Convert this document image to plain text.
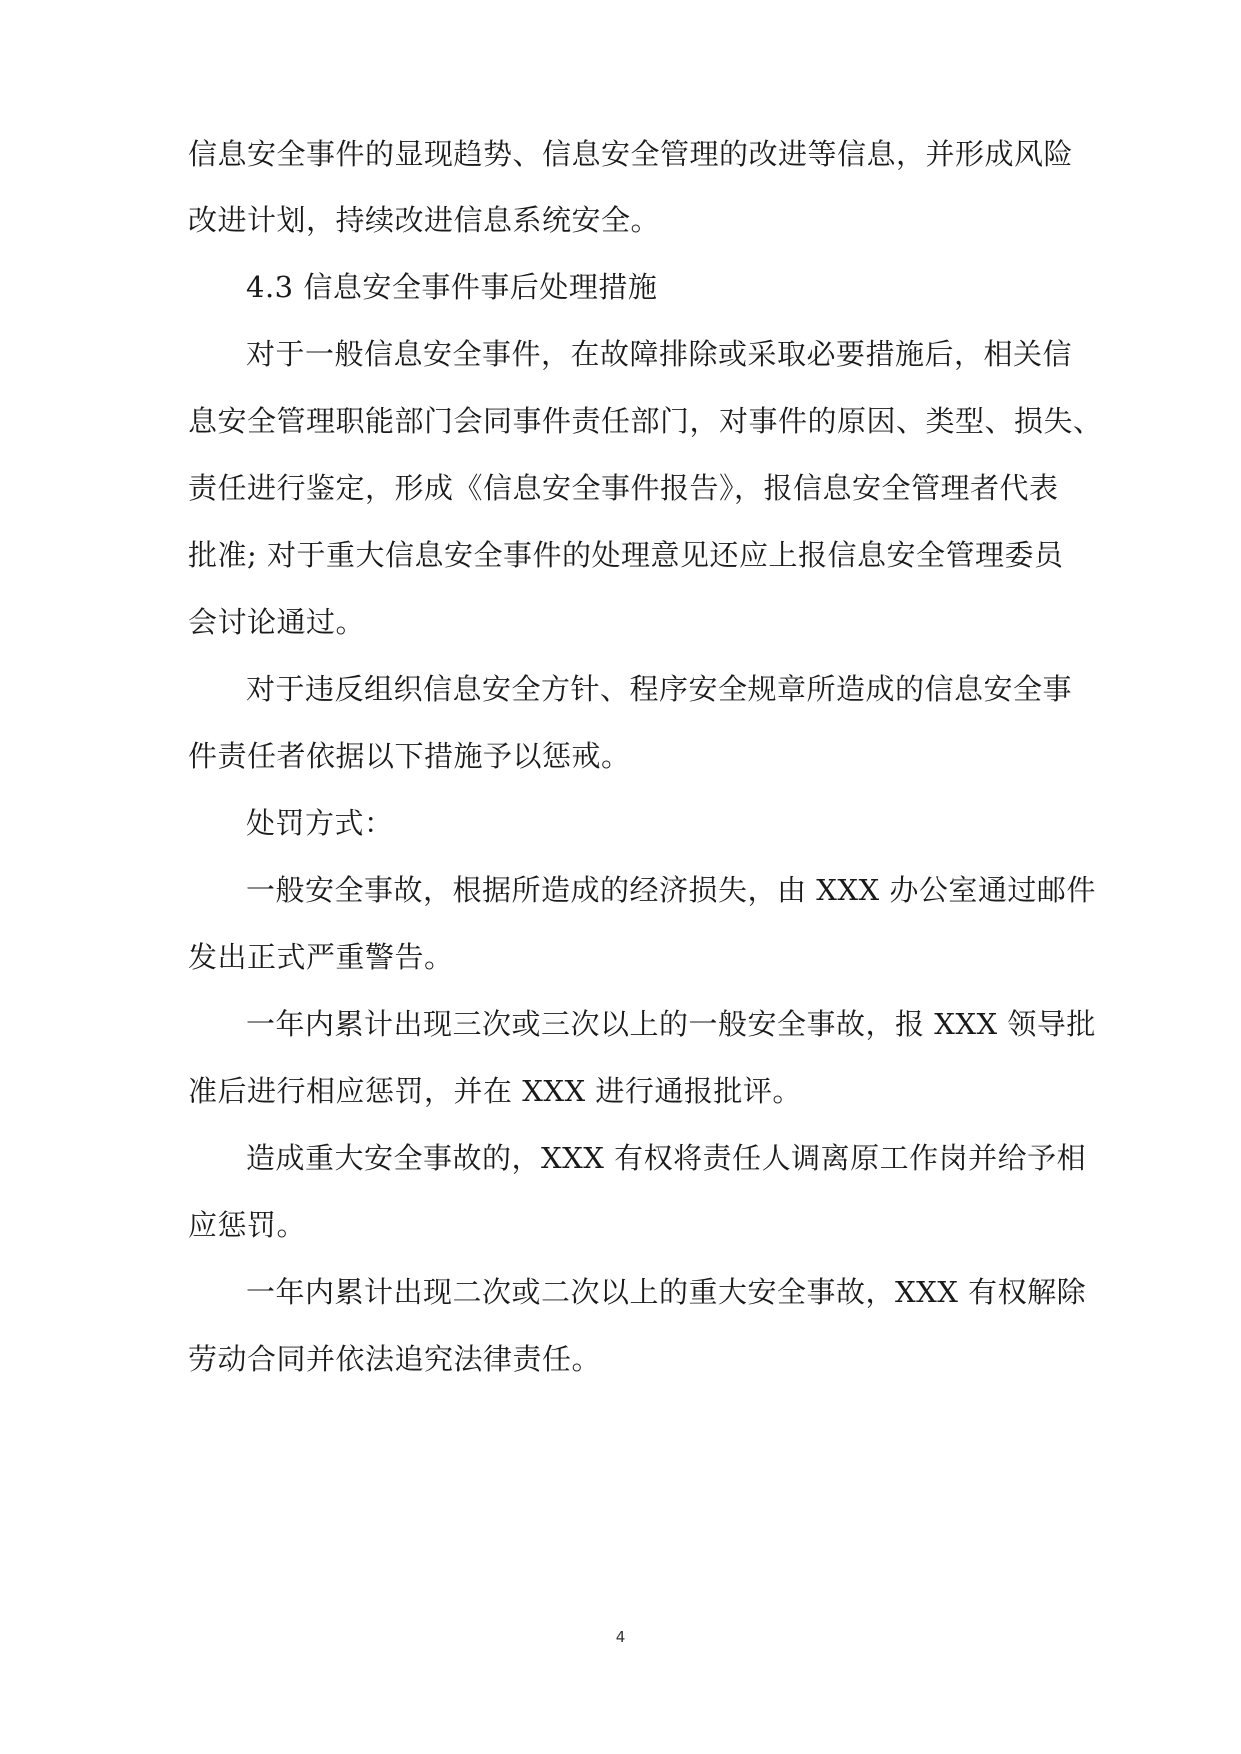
信息安全事件的显现趋势、信息安全管理的改进等信息，并形成风险
改进计划，持续改进信息系统安全。
4.3 信息安全事件事后处理措施
对于一般信息安全事件，在故障排除或采取必要措施后，相关信
息安全管理职能部门会同事件责任部门，对事件的原因、类型、损失、
责任进行鉴定，形成《信息安全事件报告》，报信息安全管理者代表
批准; 对于重大信息安全事件的处理意见还应上报信息安全管理委员
会讨论通过。
对于违反组织信息安全方针、程序安全规章所造成的信息安全事
件责任者依据以下措施予以惩戒。
处罚方式：
一般安全事故，根据所造成的经济损失，由 XXX 办公室通过邮件
发出正式严重警告。
一年内累计出现三次或三次以上的一般安全事故，报 XXX 领导批
准后进行相应惩罚，并在 XXX 进行通报批评。
造成重大安全事故的，XXX 有权将责任人调离原工作岗并给予相
应惩罚。
一年内累计出现二次或二次以上的重大安全事故，XXX 有权解除
劳动合同并依法追究法律责任。
4
